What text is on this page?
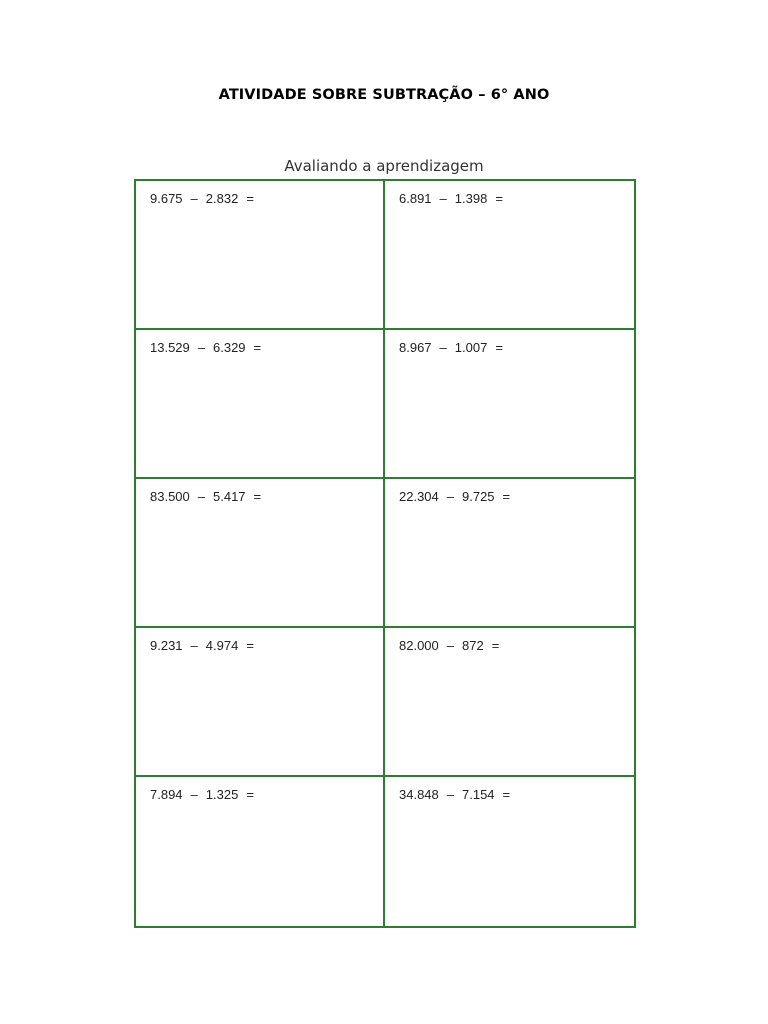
ATIVIDADE SOBRE SUBTRAÇÃO – 6° ANO
Avaliando a aprendizagem
9.675 – 2.832 =	6.891 – 1.398 =
13.529 – 6.329 =	8.967 – 1.007 =
83.500 – 5.417 =	22.304 – 9.725 =
9.231 – 4.974 =	82.000 – 872 =
7.894 – 1.325 =	34.848 – 7.154 =
